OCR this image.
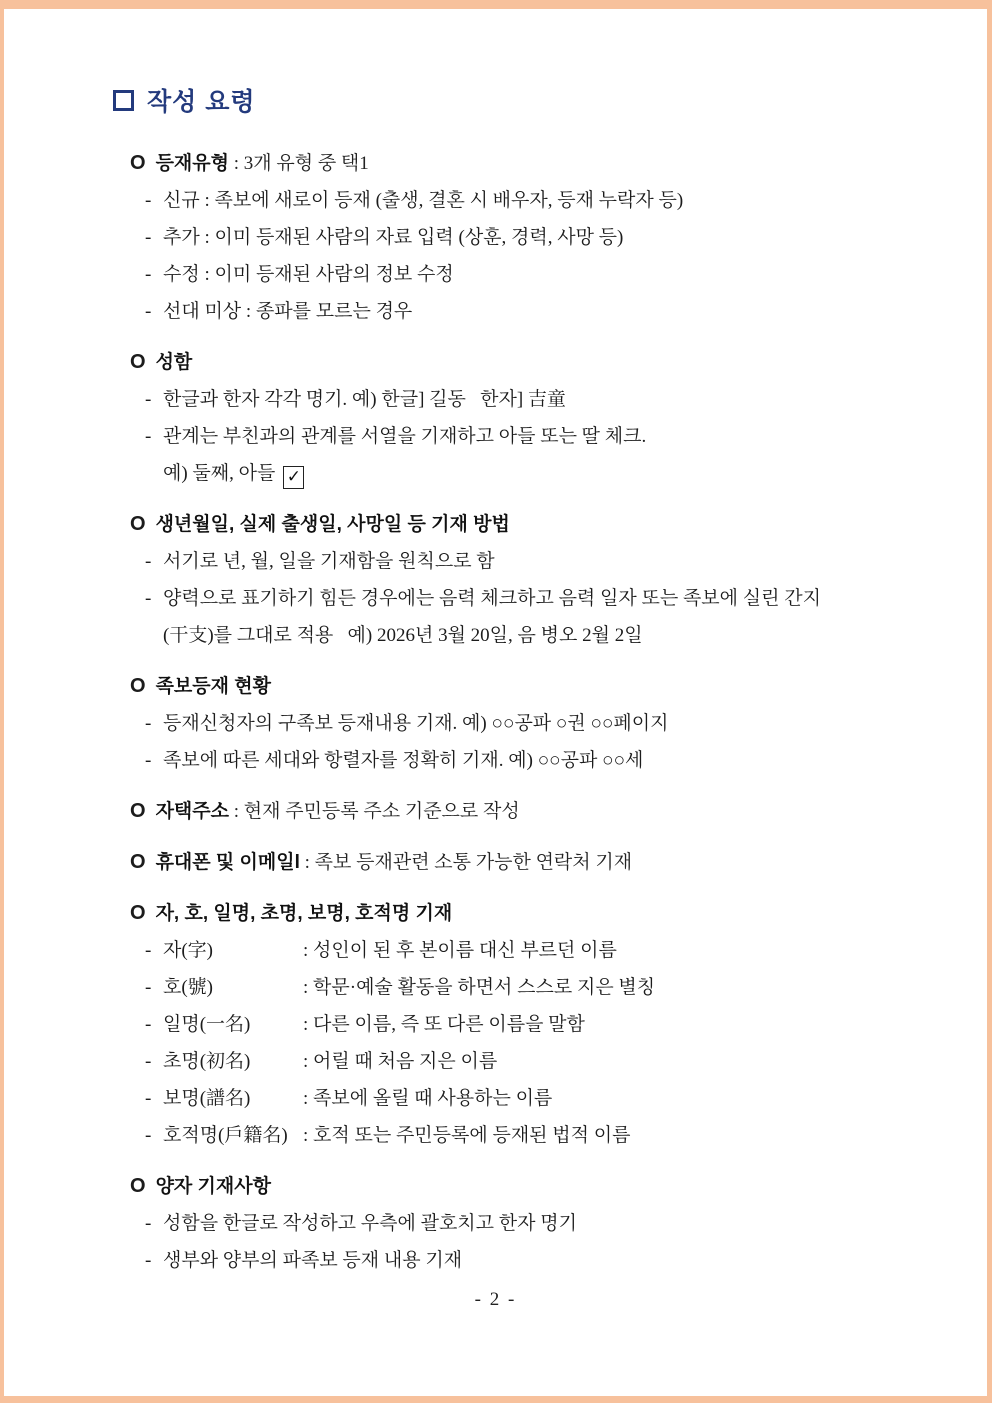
작성 요령
O 등재유형 : 3개 유형 중 택1
- 신규 : 족보에 새로이 등재 (출생, 결혼 시 배우자, 등재 누락자 등)
- 추가 : 이미 등재된 사람의 자료 입력 (상훈, 경력, 사망 등)
- 수정 : 이미 등재된 사람의 정보 수정
- 선대 미상 : 종파를 모르는 경우
O 성함
- 한글과 한자 각각 명기. 예) 한글] 길동   한자] 吉童
- 관계는 부친과의 관계를 서열을 기재하고 아들 또는 딸 체크.
예) 둘째, 아들 ✓
O 생년월일, 실제 출생일, 사망일 등 기재 방법
- 서기로 년, 월, 일을 기재함을 원칙으로 함
- 양력으로 표기하기 힘든 경우에는 음력 체크하고 음력 일자 또는 족보에 실린 간지
(干支)를 그대로 적용   예) 2026년 3월 20일, 음 병오 2월 2일
O 족보등재 현황
- 등재신청자의 구족보 등재내용 기재. 예) ○○공파 ○권 ○○페이지
- 족보에 따른 세대와 항렬자를 정확히 기재. 예) ○○공파 ○○세
O 자택주소 : 현재 주민등록 주소 기준으로 작성
O 휴대폰 및 이메일l : 족보 등재관련 소통 가능한 연락처 기재
O 자, 호, 일명, 초명, 보명, 호적명 기재
- 자(字)	: 성인이 된 후 본이름 대신 부르던 이름
- 호(號)	: 학문·예술 활동을 하면서 스스로 지은 별칭
- 일명(一名)	: 다른 이름, 즉 또 다른 이름을 말함
- 초명(初名)	: 어릴 때 처음 지은 이름
- 보명(譜名)	: 족보에 올릴 때 사용하는 이름
- 호적명(戶籍名) : 호적 또는 주민등록에 등재된 법적 이름
O 양자 기재사항
- 성함을 한글로 작성하고 우측에 괄호치고 한자 명기
- 생부와 양부의 파족보 등재 내용 기재
- 2 -
